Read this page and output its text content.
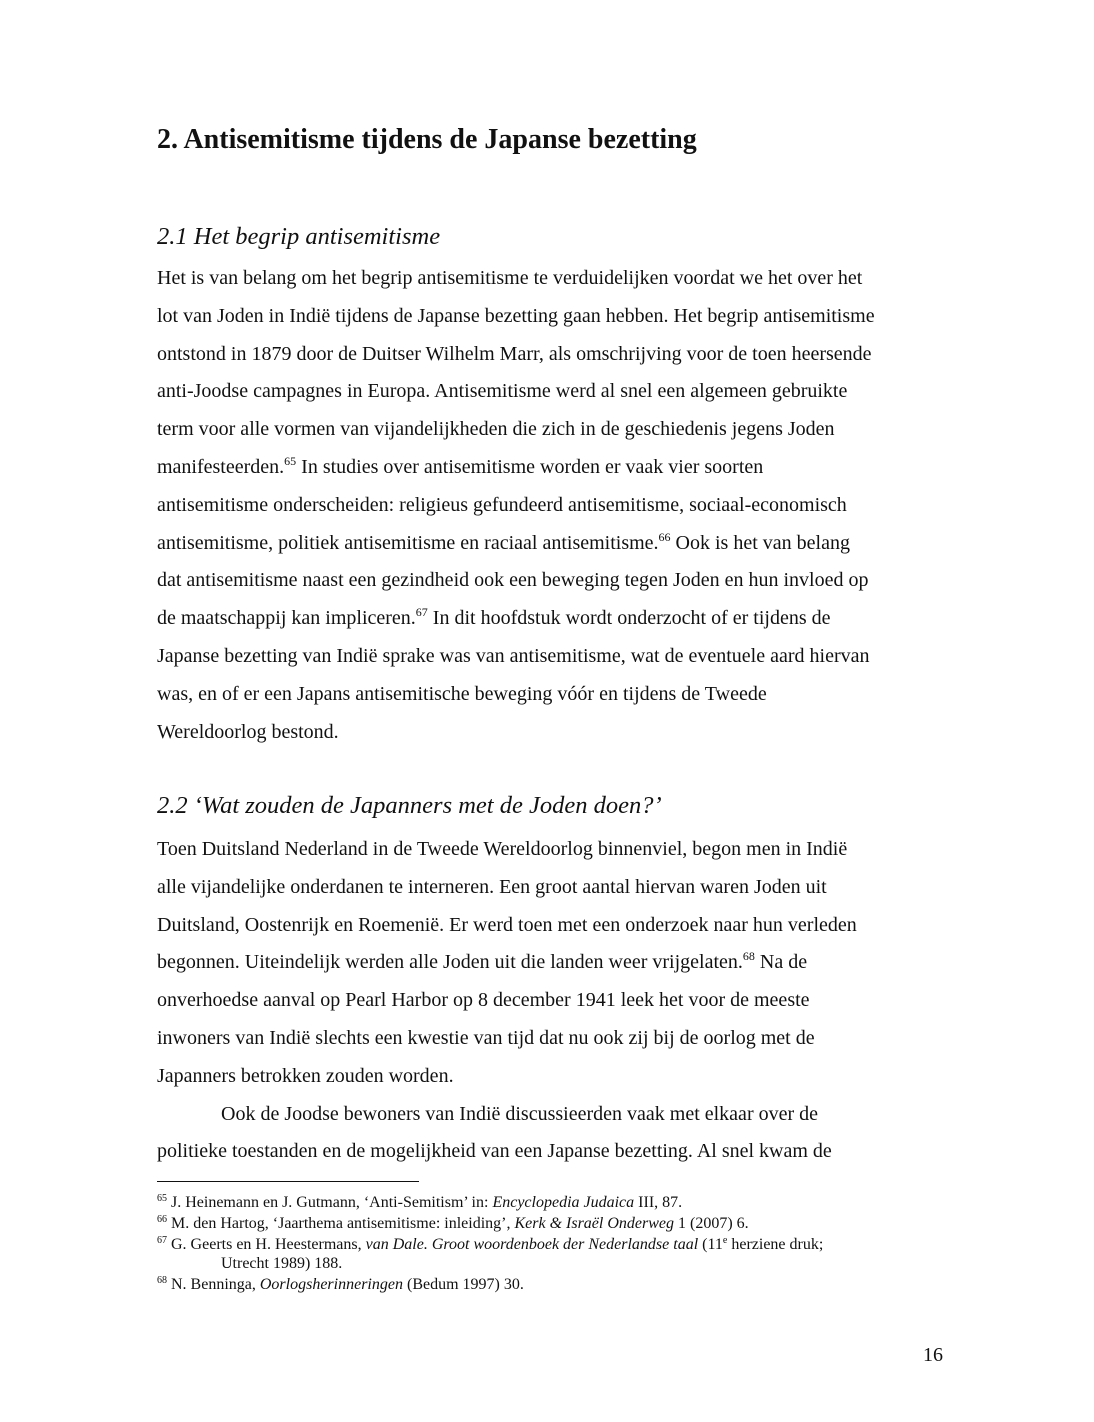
2. Antisemitisme tijdens de Japanse bezetting
2.1 Het begrip antisemitisme

Het is van belang om het begrip antisemitisme te verduidelijken voordat we het over het

lot van Joden in Indië tijdens de Japanse bezetting gaan hebben. Het begrip antisemitisme

ontstond in 1879 door de Duitser Wilhelm Marr, als omschrijving voor de toen heersende

anti-Joodse campagnes in Europa. Antisemitisme werd al snel een algemeen gebruikte

term voor alle vormen van vijandelijkheden die zich in de geschiedenis jegens Joden

manifesteerden.$^{65}$ In studies over antisemitisme worden er vaak vier soorten

antisemitisme onderscheiden: religieus gefundeerd antisemitisme, sociaal-economisch

antisemitisme, politiek antisemitisme en raciaal antisemitisme.$^{66}$ Ook is het van belang

dat antisemitisme naast een gezindheid ook een beweging tegen Joden en hun invloed op

de maatschappij kan impliceren.$^{67}$ In dit hoofdstuk wordt onderzocht of er tijdens de

Japanse bezetting van Indië sprake was van antisemitisme, wat de eventuele aard hiervan

was, en of er een Japans antisemitische beweging vóór en tijdens de Tweede

Wereldoorlog bestond.

2.2 ‘Wat zouden de Japanners met de Joden doen?’

Toen Duitsland Nederland in de Tweede Wereldoorlog binnenviel, begon men in Indië

alle vijandelijke onderdanen te interneren. Een groot aantal hiervan waren Joden uit

Duitsland, Oostenrijk en Roemenië. Er werd toen met een onderzoek naar hun verleden

begonnen. Uiteindelijk werden alle Joden uit die landen weer vrijgelaten.$^{68}$ Na de

onverhoedse aanval op Pearl Harbor op 8 december 1941 leek het voor de meeste

inwoners van Indië slechts een kwestie van tijd dat nu ook zij bij de oorlog met de

Japanners betrokken zouden worden.

Ook de Joodse bewoners van Indië discussieerden vaak met elkaar over de

politieke toestanden en de mogelijkheid van een Japanse bezetting. Al snel kwam de

$^{65}$ J. Heinemann en J. Gutmann, ‘Anti-Semitism’ in: Encyclopedia Judaica III, 87.

$^{66}$ M. den Hartog, ‘Jaarthema antisemitisme: inleiding’, Kerk & Israël Onderweg 1 (2007) 6.

$^{67}$ G. Geerts en H. Heestermans, van Dale. Groot woordenboek der Nederlandse taal (11e herziene druk;
Utrecht 1989) 188.

$^{68}$ N. Benninga, Oorlogsherinneringen (Bedum 1997) 30.

16
